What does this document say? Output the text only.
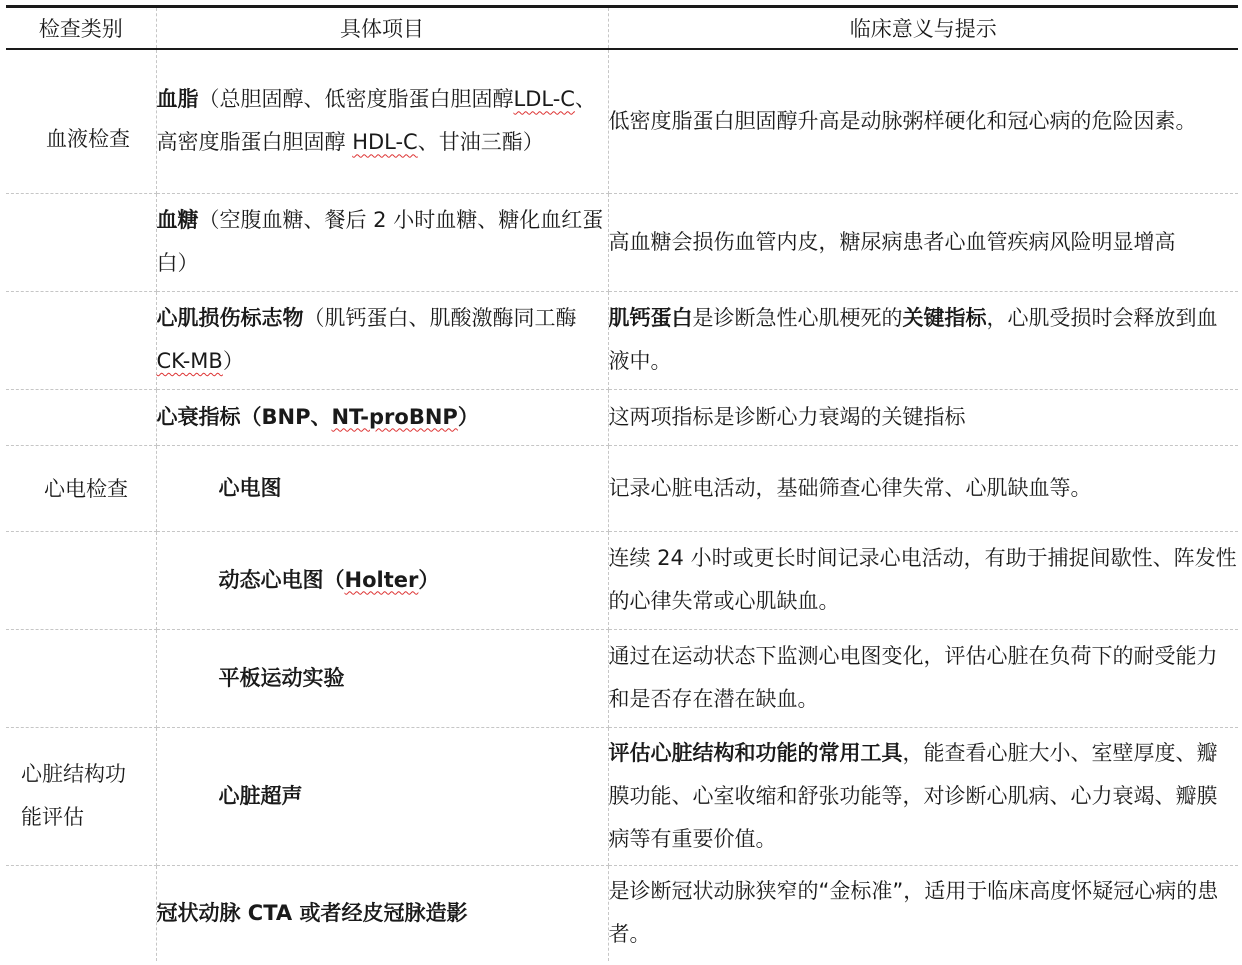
检查类别	具体项目	临床意义与提示

血液检查	血脂（总胆固醇、低密度脂蛋白胆固醇LDL-C、高密度脂蛋白胆固醇 HDL-C、甘油三酯）	低密度脂蛋白胆固醇升高是动脉粥样硬化和冠心病的危险因素。
	血糖（空腹血糖、餐后 2 小时血糖、糖化血红蛋白）	高血糖会损伤血管内皮，糖尿病患者心血管疾病风险明显增高
	心肌损伤标志物（肌钙蛋白、肌酸激酶同工酶 CK-MB）	肌钙蛋白是诊断急性心肌梗死的关键指标，心肌受损时会释放到血液中。
	心衰指标（BNP、NT-proBNP）	这两项指标是诊断心力衰竭的关键指标

心电检查	心电图	记录心脏电活动，基础筛查心律失常、心肌缺血等。
	动态心电图（Holter）	连续 24 小时或更长时间记录心电活动，有助于捕捉间歇性、阵发性的心律失常或心肌缺血。
	平板运动实验	通过在运动状态下监测心电图变化，评估心脏在负荷下的耐受能力和是否存在潜在缺血。

心脏结构功能评估	心脏超声	评估心脏结构和功能的常用工具，能查看心脏大小、室壁厚度、瓣膜功能、心室收缩和舒张功能等，对诊断心肌病、心力衰竭、瓣膜病等有重要价值。
	冠状动脉 CTA 或者经皮冠脉造影	是诊断冠状动脉狭窄的“金标准”，适用于临床高度怀疑冠心病的患者。
